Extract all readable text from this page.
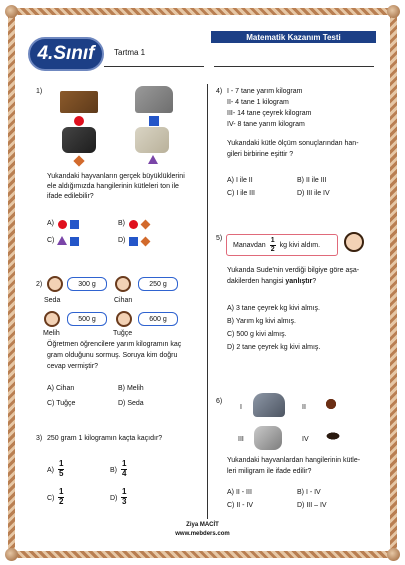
4.Sınıf
Matematik Kazanım Testi
Tartma 1
1)
Yukandaki hayvanların gerçek büyüklüklerini
ele aldığımızda hangilerinin kütleleri ton ile
ifade edilebilir?
A)	B)
C)	D)
2)	300 g
Seda
250 g
Cihan
500 g
Melih
600 g
Tuğçe
Öğretmen öğrencilere yarım kilogramın kaç
gram olduğunu sormuş. Soruya kim doğru
cevap vermiştir?
A) Cihan	B) Melih
C) Tuğçe	D) Seda
3) 250 gram 1 kilogramın kaçta kaçıdır?
$A) \frac{1}{5}$	$B) \frac{1}{4}$
$C) \frac{1}{2}$	$D) \frac{1}{3}$
4) I - 7 tane yarım kilogram
II- 4 tane 1 kilogram
III- 14 tane çeyrek kilogram
IV- 8 tane yarım kilogram
Yukandaki kütle ölçüm sonuçlarından han-
gileri birbirine eşittir ?
A) I ile II	B) II ile III
C) I ile III	D) III ile IV
5)
Manavdan $\frac{1}{2}$ kg kivi aldım.
Yukanda Sude'nin verdiği bilgiye göre aşa-
dakilerden hangisi yanlıştır?
A) 3 tane çeyrek kg kivi almış.
B) Yarım kg kivi almış.
C) 500 g kivi almış.
D) 2 tane çeyrek kg kivi almış.
6)
I	II
III	IV
Yukandaki hayvanlardan hangilerinin kütle-
leri miligram ile ifade edilir?
A) II - III	B) I - IV
C) II - IV	D) III – IV
Ziya MACİT
www.mebders.com
